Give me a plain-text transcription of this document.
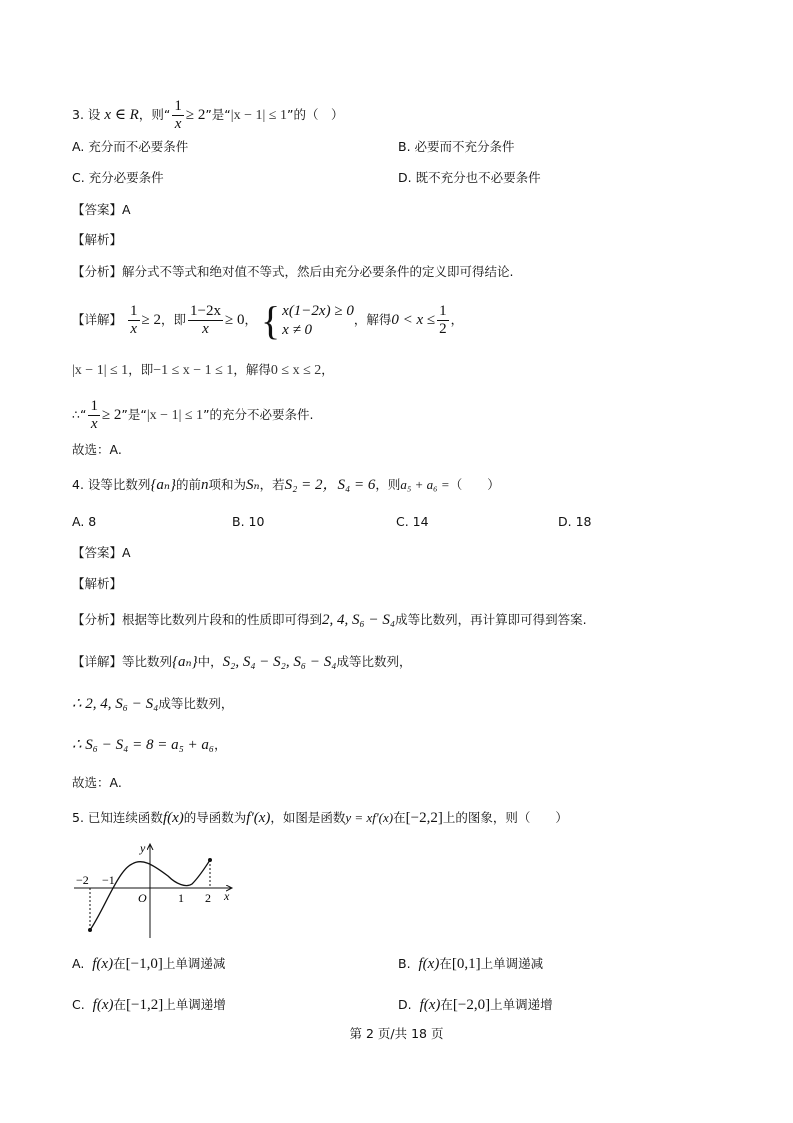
3. 设 x ∈ R，则“ $\frac{1}{x} \ge 2$”是“|x − 1| ≤ 1”的（　）
A. 充分而不必要条件	B. 必要而不充分条件
C. 充分必要条件	D. 既不充分也不必要条件
【答案】A
【解析】
【分析】解分式不等式和绝对值不等式，然后由充分必要条件的定义即可得结论.
【详解】 $\frac{1}{x} \ge 2$，即 $\frac{1-2x}{x} \ge 0$， { x(1−2x) ≥ 0
x ≠ 0
，解得$0 < x \le \frac{1}{2}$ ，
|x − 1| ≤ 1，即−1 ≤ x − 1 ≤ 1，解得0 ≤ x ≤ 2，
∴“ $\frac{1}{x} \ge 2$”是“|x − 1| ≤ 1”的充分不必要条件.
故选：A.
4. 设等比数列{aₙ}的前n项和为Sₙ，若S₂ = 2，S₄ = 6，则a₅ + a₆ =（　　）
A. 8	B. 10	C. 14	D. 18
【答案】A
【解析】
【分析】根据等比数列片段和的性质即可得到2, 4, S₆ − S₄成等比数列，再计算即可得到答案.
【详解】等比数列{aₙ}中，S₂, S₄ − S₂, S₆ − S₄成等比数列，
∴ 2, 4, S₆ − S₄成等比数列，
∴ S₆ − S₄ = 8 = a₅ + a₆，
故选：A.
5. 已知连续函数f(x)的导函数为f′(x)，如图是函数y = xf′(x)在[−2,2]上的图象，则（　　）
y
x
O
−2 −1
1 2
A. f(x)在[−1,0]上单调递减	B. f(x)在[0,1]上单调递减
C. f(x)在[−1,2]上单调递增	D. f(x)在[−2,0]上单调递增
第 2 页/共 18 页
